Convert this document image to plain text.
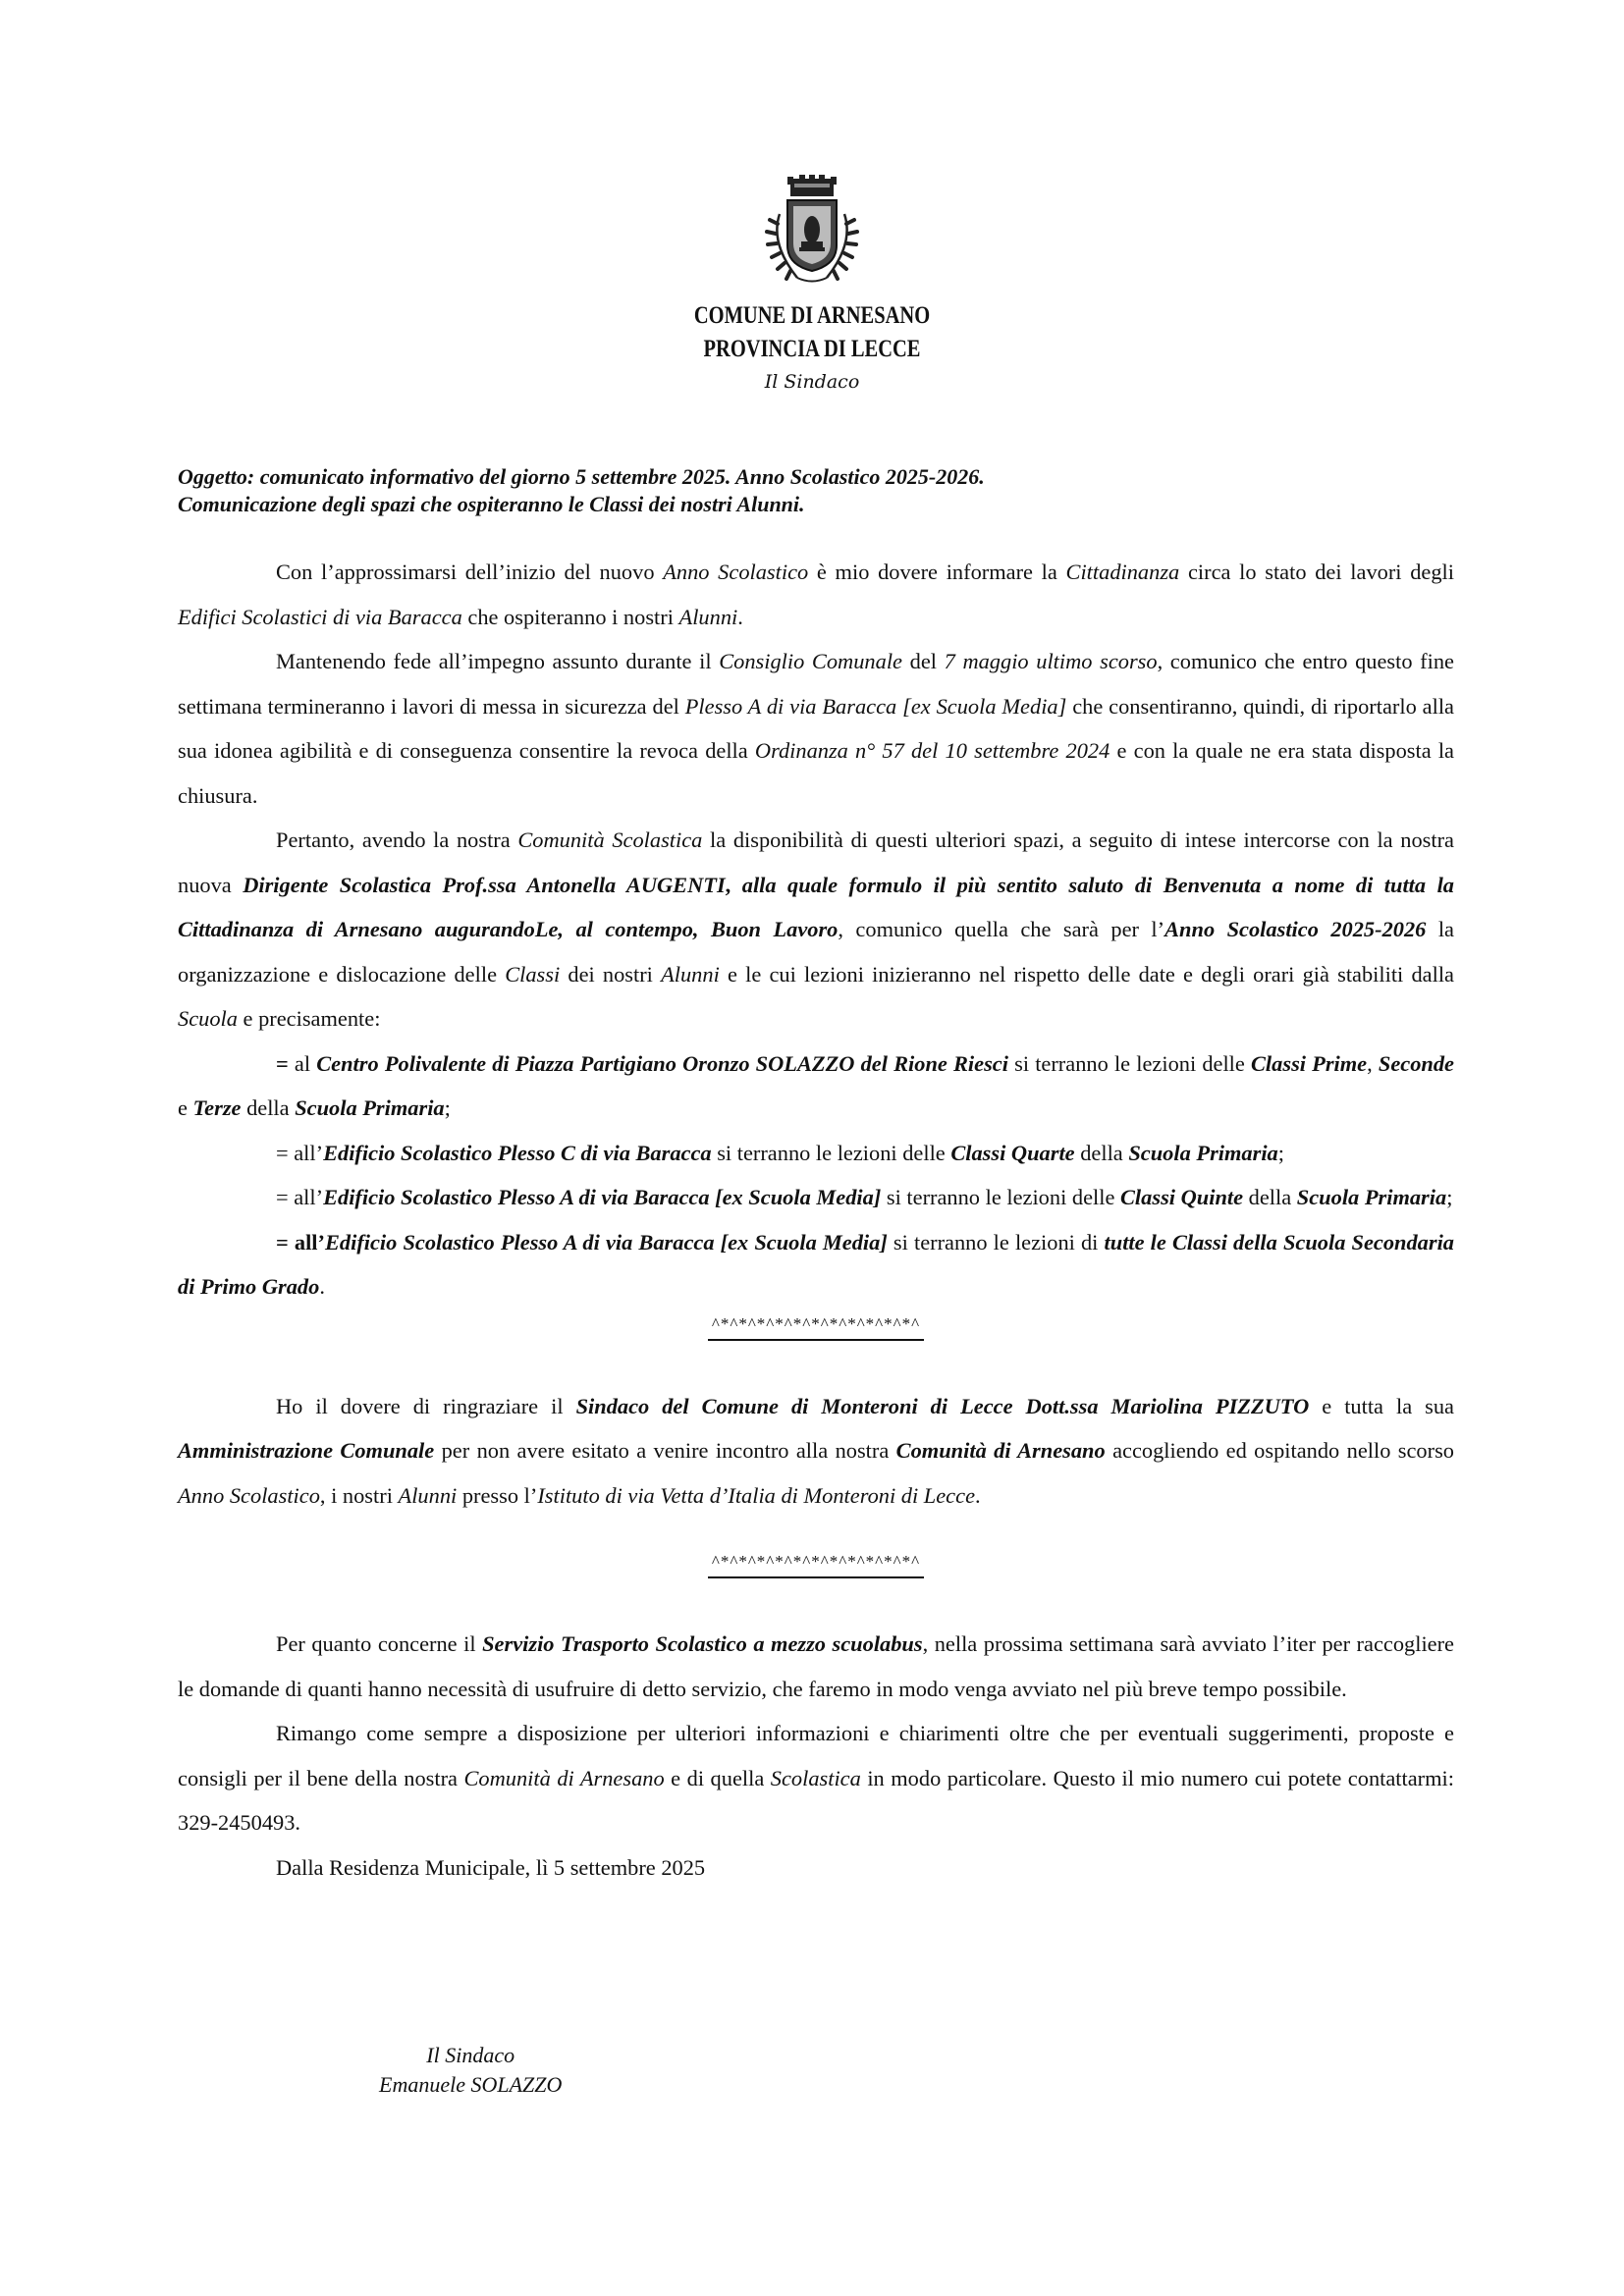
COMUNE DI ARNESANO
PROVINCIA DI LECCE
Il Sindaco
Oggetto: comunicato informativo del giorno 5 settembre 2025. Anno Scolastico 2025-2026.
Comunicazione degli spazi che ospiteranno le Classi dei nostri Alunni.

Con l’approssimarsi dell’inizio del nuovo Anno Scolastico è mio dovere informare la Cittadinanza circa lo stato dei lavori degli Edifici Scolastici di via Baracca che ospiteranno i nostri Alunni.

Mantenendo fede all’impegno assunto durante il Consiglio Comunale del 7 maggio ultimo scorso, comunico che entro questo fine settimana termineranno i lavori di messa in sicurezza del Plesso A di via Baracca [ex Scuola Media] che consentiranno, quindi, di riportarlo alla sua idonea agibilità e di conseguenza consentire la revoca della Ordinanza n° 57 del 10 settembre 2024 e con la quale ne era stata disposta la chiusura.

Pertanto, avendo la nostra Comunità Scolastica la disponibilità di questi ulteriori spazi, a seguito di intese intercorse con la nostra nuova Dirigente Scolastica Prof.ssa Antonella AUGENTI, alla quale formulo il più sentito saluto di Benvenuta a nome di tutta la Cittadinanza di Arnesano augurandoLe, al contempo, Buon Lavoro, comunico quella che sarà per l’Anno Scolastico 2025-2026 la organizzazione e dislocazione delle Classi dei nostri Alunni e le cui lezioni inizieranno nel rispetto delle date e degli orari già stabiliti dalla Scuola e precisamente:

= al Centro Polivalente di Piazza Partigiano Oronzo SOLAZZO del Rione Riesci si terranno le lezioni delle Classi Prime, Seconde e Terze della Scuola Primaria;

= all’Edificio Scolastico Plesso C di via Baracca si terranno le lezioni delle Classi Quarte della Scuola Primaria;

= all’Edificio Scolastico Plesso A di via Baracca [ex Scuola Media] si terranno le lezioni delle Classi Quinte della Scuola Primaria;

= all’Edificio Scolastico Plesso A di via Baracca [ex Scuola Media] si terranno le lezioni di tutte le Classi della Scuola Secondaria di Primo Grado.

^*^*^*^*^*^*^*^*^*^*^*^

Ho il dovere di ringraziare il Sindaco del Comune di Monteroni di Lecce Dott.ssa Mariolina PIZZUTO e tutta la sua Amministrazione Comunale per non avere esitato a venire incontro alla nostra Comunità di Arnesano accogliendo ed ospitando nello scorso Anno Scolastico, i nostri Alunni presso l’Istituto di via Vetta d’Italia di Monteroni di Lecce.

^*^*^*^*^*^*^*^*^*^*^*^

Per quanto concerne il Servizio Trasporto Scolastico a mezzo scuolabus, nella prossima settimana sarà avviato l’iter per raccogliere le domande di quanti hanno necessità di usufruire di detto servizio, che faremo in modo venga avviato nel più breve tempo possibile.

Rimango come sempre a disposizione per ulteriori informazioni e chiarimenti oltre che per eventuali suggerimenti, proposte e consigli per il bene della nostra Comunità di Arnesano e di quella Scolastica in modo particolare. Questo il mio numero cui potete contattarmi: 329-2450493.

Dalla Residenza Municipale, lì 5 settembre 2025

Il Sindaco
Emanuele SOLAZZO
